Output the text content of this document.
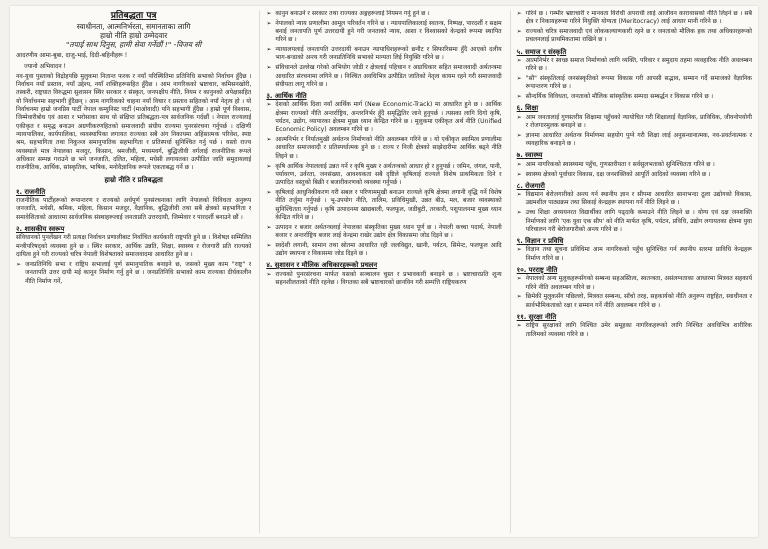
प्रतिबद्धता पत्र

स्वाधीनता, आत्मनिर्भरता, समानताका लागि

हाम्रो नीति हाम्रो उम्मेदवार

"तपाई साथ दिनुस, हामी सेवा गर्नेछौं !" -विजय सी

आदरणीय आमा-बुबा, दाजु-भाई, दिदी-बहिनीहरू !

ज्यानो अभिवादन !

नव-युवा पुस्ताको विद्रोहपछि मुलुकमा नितान्त फरक र नयाँ परिस्थितिमा प्रतिनिधि सभाको निर्वाचन हुँदैछ । निर्वाचन नयाँ प्रस्ताव, नयाँ उद्देश्य, नयाँ शक्तिहरूसहित हुँदैछ । आम नागरिकको भ्रष्टाचार, कमिसनखोरी, तस्करी, राष्ट्रघात विरुद्धमा सुशासन स्थिर सरकार र संस्कृत, जनपक्षीय नीति, नियम र कानुनको अपेक्षासहित यो निर्वाचनमा सहभागी हुँदैछन् । आम नागरिकको चाहना नयाँ विचार र प्रस्ताव सहितको नयाँ नेतृत्व हो । यो निर्वाचनमा हाम्रो जनप्रिय पार्टी नेपाल कम्युनिस्ट पार्टी (माओवादी) पनि सहभागी हुँदैछ । हाम्रो पूर्ण विश्वास, जिम्मेवारीबोध एवं आशा र भरोसाका साथ यो संक्षिप्त प्रतिबद्धता-पत्र सार्वजनिक गर्दछौं । नेपाल राज्यलाई एकीकृत र समृद्ध बनाउन अग्रणीकरणहितको समाजवादी संघीय राज्यमा पुनरसंरचना गर्नुपर्छ । दक्षिणी न्यायपालिका, कार्यपालिका, व्यवस्थापिका लगायत राज्यका सबै अंग निकायमा अहिंसात्मक परिवेश, स्पष्ट श्रम, सहभागिता तथा निकुञ्ज समानुपातिक सहभागिता र प्रतिस्पर्धा सुनिश्चित गर्नु पर्छ । यस्तो राज्य व्यवस्थाले मात्र नेपालका मजदुर, किसान, श्रमजीवी, मध्यमवर्ग, बुद्धिजीवी वर्गलाई राजनीतिक रूपले अधिकार सम्पन्न गराउने छ भने जनजाति, दलित, महिला, मधेसी लगायतका उत्पीडित जाति समुदायलाई राजनीतिक, आर्थिक, सांस्कृतिक, भाषिक, मनोवैज्ञानिक रूपले एकताबद्ध गर्ने छ ।

हाम्रो नीति र प्रतिबद्धता
१. राजनीति

राजनीतिक पार्टीहरूको रूपान्तरण र राज्यको अर्धपूर्ण पुनसंरचनाका लागि नेपालको विविधता अनुरूप जनजाति, मधेसी, श्रमिक, महिला, किसान मजदुर, वैज्ञानिक, बुद्धिजीवी तथा सबै क्षेत्रको सहभागिता र समावेशिताको आधारमा सार्वजनिक संस्थाहरूलाई जनताप्रति उत्तरदायी, जिम्मेवार र पारदर्शी बनाउने छौं ।

२. शासकीय स्वरूप

संविधानको पुनर्लेखन गरी प्रत्यक्ष निर्वाचन प्रणालीबाट निर्वाचित कार्यकारी राष्ट्रपति हुने छ । विशेषज्ञ सम्मिलित मन्त्रीपरिषद्को व्यवस्था हुने छ । स्थिर सरकार, आर्थिक उन्नति, शिक्षा, स्वास्थ्य र रोजगारी प्रति राज्यको दायित्व हुने गरी राज्यको चरित्र नेपाली विशेषताको समाजवादमा आधारित हुने छ ।

➢ जनप्रतिनिधि सभा र राष्ट्रिय सभालाई पूर्ण समानुपातिक बनाइने छ, जसको मुख्य काम "राष्ट्र" र जनतापति उत्तर दायी मई कानून निर्माण गर्नु हुने छ । जनप्रतिनिधि सभाको काम राज्यका दीर्घकालीन नीति निर्माण गर्ने,
➢ कानुन बनाउने र सरकार तथा राज्यका अङ्गहरूलाई नियमन गर्नु हुने छ ।
➢ नेपालको न्याय प्रणालीमा आमूल परिवर्तन गरिने छ । न्यायपालिकालाई स्वतन्त्र, निष्पक्ष, पारदर्शी र सक्षम बनाई जनतापति पूर्ण उत्तरदायी हुने गरी जनताको न्याय, आशा र विश्वासको केन्द्रको रूपमा स्थापित गरिने छ ।
➢ न्यायालयलाई जनतापति उत्तरदायी बनाउन न्यायाधिशहरूको छनौट र सिफारिसमा हुँदै आएको दलीय भाग-बन्डाको अन्त्य गरी जनप्रतिनिधि सभाको मान्यता लिई नियुक्ति गरिने छ ।
➢ संविधानले उल्लेख गरेको अभियोग जोडी र क्षेत्रलाई पहिचान र अग्राधिकार सहित समाजवादी अर्थतन्त्रमा आधारित संरचनामा लगिने छ । निश्चित अवधिभित्र उत्पीडित जातिको नेतृत्व कायम रहने गरी समाजवादी संघीयता लागू गरिने छ ।
३. आर्थिक नीति
➢ देशको आर्थिक दिशा नयाँ आर्थिक मार्ग (New Economic-Track) मा आधारित हुने छ । आर्थिक क्षेत्रमा राज्यको नीति अन्तर्राष्ट्रिय, अन्तरनिर्भर हुँदै समृद्धितिर जाने हुनुपर्छ । त्यसका लागि दिगो कृषि, पर्यटन, उद्योग, व्यापारका क्षेत्रमा मुख्य ध्यान केन्द्रित गरिने छ । मुलुकमा एकीकृत अर्थ नीति (Unified Economic Policy) अवलम्बन गरिने छ ।
➢ आत्मनिर्भर र निर्यातमुखी अर्थतन्त्र निर्माणको नीति अवलम्बन गरिने छ । यो एकीकृत स्वामित्व प्रणालीमा आधारित समाजवादी र प्रतिस्पर्धात्मक हुने छ । राज्य र निजी क्षेत्रको साझेदारीमा आर्थिक बढ्ने नीति लिइने छ ।
➢ कृषि आर्थिक नेपाललाई उन्नत गर्ने र कृषि मुख्य र अर्थतन्त्रको आधार हो र हुनुपर्छ । जमिन, जंगल, पानी, पर्यावरण, उर्वरता, जनसंख्या, आवश्यकता सबै दृष्टिले कृषिलाई राज्यले विशेष प्राथमिकता दिने र उत्पादित वस्तुको बिक्री र बजारीकरणको व्यवस्था गर्नुपर्छ ।
➢ कृषिलाई आधुनिकीकरण गरी सबल र परिणाममुखी बनाउन राज्यले कृषि क्षेत्रमा लगानी वृद्धि गर्ने विशेष नीति तर्जुमा गर्नुपर्छ । भू-उपयोग नीति, तालिम, प्रविधिमुखी, उन्नत बीउ, मल, बजार व्यवस्थाको सुनिश्चितता गर्नुपर्छ । कृषि उत्पादनमा खाद्यबाली, फलफूल, जडीबुटी, तरकारी, पशुपालनमा मुख्य ध्यान केन्द्रित गरिने छ ।
➢ उत्पादन र बजार अर्थतन्त्रलाई नेपालका संस्कृतिका मुख्य ध्यान पूर्ण छ । नेपाली कच्चा पदार्थ, नेपाली बजार र अन्तर्राष्ट्रिय बजार लाई केन्द्रमा राखेर उद्योग क्षेत्र विकासमा जोड दिइने छ ।
➢ स्वदेशी लगानी, सामान तथा स्रोतमा आधारित रही जलविद्युत, खानी, पर्यटन, सिमेन्ट, फलफूल आदि उद्योग स्थापना र विकासमा जोड दिइने छ ।
४. सुशासन र मौलिक अधिकारहरूको प्रचलन
➢ राज्यको पुनरसंरचना मार्फत यसको सञ्चालन चुस्त र प्रभावकारी बनाइने छ । भ्रष्टाचारप्रति शून्य सहनशीलताको नीति रहनेछ । विगतका सबै भ्रष्टाचारको छानविन गरी सम्पत्ति राष्ट्रियकरण
➢ गरिने छ । गम्भीर भ्रष्टाचारी र मानवता विरोधी अपराधी लाई आजीवन कारावासको नीति लिइने छ । सबै क्षेत्र र निकायहरूमा गरिने नियुक्ति योग्यता (Meritocracy) लाई आधार मानी गरिने छ ।
➢ राज्यको चरित्र समाजवादी एवं लोककल्याणकारी रहने छ र जनताको मौलिक हक तथा अधिकारहरूको प्रचलनलाई प्राथमिकतामा राखिने छ ।
५. समाज र संस्कृति
➢ आत्मनिर्भर र स्वच्छ समाज निर्माणको लागि व्यक्ति, परिवार र समुदाय तहमा व्यवहारिक नीति अवलम्बन गरिने छ ।
➢ "सौ" संस्कृतिलाई जनसंस्कृतिको रूपमा विकास गरी आपसी सद्भाव, सम्मान गर्दै समाजको वैज्ञानिक रूपान्तरण गरिने छ ।
➢ सौन्दर्यिक विविधता, जनताको मौलिक सांस्कृतिक सम्पदा सम्बर्द्धन र विकास गरिने छ ।
६. शिक्षा
➢ आम जनतालाई गुणस्तरीय शिक्षामा पहुँचको न्यायोचित गरी शिक्षालाई वैज्ञानिक, प्राविधिक, जीवनोपयोगी र रोजगारमुलक बनाइने छ ।
➢ ज्ञानमा आधारित अर्थतन्त्र निर्माणमा सहयोग पुग्ने गरी शिक्षा लाई अनुसन्धानात्मक, नव-प्रवर्तनात्मक र व्यवहारिक बनाइने छ ।
७. स्वास्थ्य
➢ आम नागरिकको स्वास्थ्यमा पहुँच, गुणस्तरीयता र सर्वसुलभताको सुनिश्चितता गरिने छ ।
➢ स्वास्थ्य क्षेत्रको पूर्वाधार विकास, दक्ष जनशक्तिको आपूर्ति आदिको व्यवस्था गरिने छ ।
८. रोजगारी
➢ विद्यमान बेरोजगारीको अन्त्य गर्न स्थानीय ज्ञान र सीपमा आधारित सानाभन्दा ठूला उद्योगको विकास, उद्यमशील पाठ्यक्रम तथा सिकाई केन्द्रहरू स्थापना गर्ने नीति लिइने छ ।
➢ उच्च शिक्षा अध्ययनरत विद्यार्थीका लागि पढ्दाकै कमाउने नीति लिइने छ । योग्य एवं दक्ष जनशक्ति निर्माणको लागि 'एक युवा एक सीप' को नीति मार्फत कृषि, पर्यटन, प्रविधि, उद्योग लगायतका क्षेत्रमा युवा परिचालन गरी बेरोजगारीको अन्त्य गरिने छ ।
९. विज्ञान र प्रविधि
➢ विज्ञान तथा सूचना प्रविधिमा आम नागरिकको पहुँच सुनिश्चित गर्न स्थानीय स्तरमा प्राविधि केन्द्रहरू निर्माण गरिने छ ।
१०. परराष्ट्र नीति
➢ नेपालको अन्य मुलुकहरूसँगको सम्बन्ध सहअस्तित्व, स्वतन्त्रता, असंलग्नताका आधारमा मित्रवत सहकार्य गरिने नीति अवलम्बन गरिने छ ।
➢ छिमेकी मुलुकसँग पछिल्लो, मित्रवत सम्बन्ध, साँचो तरह, सहकार्यको नीति अनुरूप राष्ट्रहित, स्वाधीनता र सार्वभौमिकताको रक्षा र सम्मान गर्ने नीति अवलम्बन गरिने छ ।
११. सुरक्षा नीति
➢ राष्ट्रिय सुरक्षाको लागि निश्चित उमेर समूहका नागरिकहरूको लागि निश्चित अवधिभित्र शारीरिक तालिमको व्यवस्था गरिने छ ।
